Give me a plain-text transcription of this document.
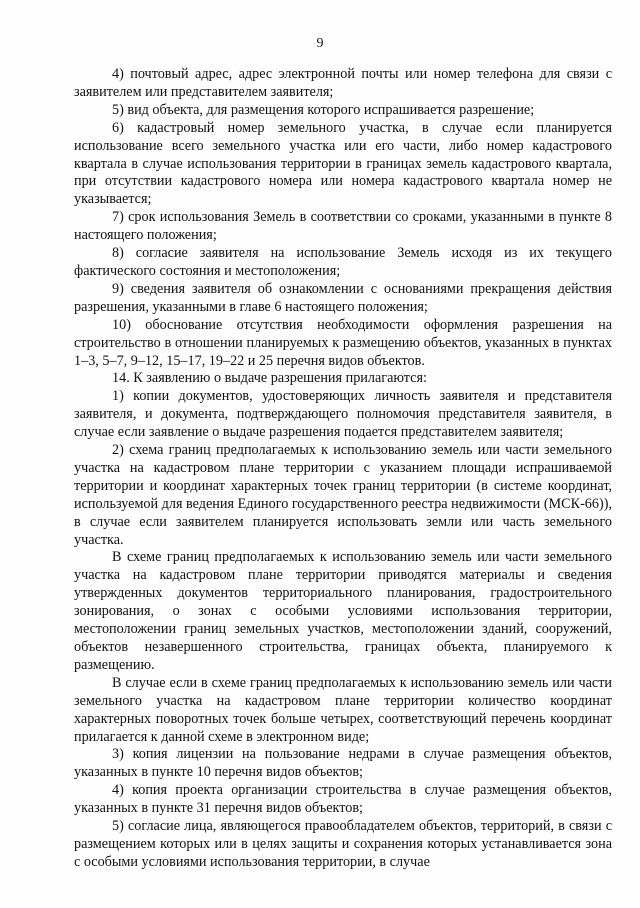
9

4) почтовый адрес, адрес электронной почты или номер телефона для связи с заявителем или представителем заявителя;

5) вид объекта, для размещения которого испрашивается разрешение;

6) кадастровый номер земельного участка, в случае если планируется использование всего земельного участка или его части, либо номер кадастрового квартала в случае использования территории в границах земель кадастрового квартала, при отсутствии кадастрового номера или номера кадастрового квартала номер не указывается;

7) срок использования Земель в соответствии со сроками, указанными в пункте 8 настоящего положения;

8) согласие заявителя на использование Земель исходя из их текущего фактического состояния и местоположения;

9) сведения заявителя об ознакомлении с основаниями прекращения действия разрешения, указанными в главе 6 настоящего положения;

10) обоснование отсутствия необходимости оформления разрешения на строительство в отношении планируемых к размещению объектов, указанных в пунктах 1–3, 5–7, 9–12, 15–17, 19–22 и 25 перечня видов объектов.

14. К заявлению о выдаче разрешения прилагаются:

1) копии документов, удостоверяющих личность заявителя и представителя заявителя, и документа, подтверждающего полномочия представителя заявителя, в случае если заявление о выдаче разрешения подается представителем заявителя;

2) схема границ предполагаемых к использованию земель или части земельного участка на кадастровом плане территории с указанием площади испрашиваемой территории и координат характерных точек границ территории (в системе координат, используемой для ведения Единого государственного реестра недвижимости (МСК-66)), в случае если заявителем планируется использовать земли или часть земельного участка.

В схеме границ предполагаемых к использованию земель или части земельного участка на кадастровом плане территории приводятся материалы и сведения утвержденных документов территориального планирования, градостроительного зонирования, о зонах с особыми условиями использования территории, местоположении границ земельных участков, местоположении зданий, сооружений, объектов незавершенного строительства, границах объекта, планируемого к размещению.

В случае если в схеме границ предполагаемых к использованию земель или части земельного участка на кадастровом плане территории количество координат характерных поворотных точек больше четырех, соответствующий перечень координат прилагается к данной схеме в электронном виде;

3) копия лицензии на пользование недрами в случае размещения объектов, указанных в пункте 10 перечня видов объектов;

4) копия проекта организации строительства в случае размещения объектов, указанных в пункте 31 перечня видов объектов;

5) согласие лица, являющегося правообладателем объектов, территорий, в связи с размещением которых или в целях защиты и сохранения которых устанавливается зона с особыми условиями использования территории, в случае
